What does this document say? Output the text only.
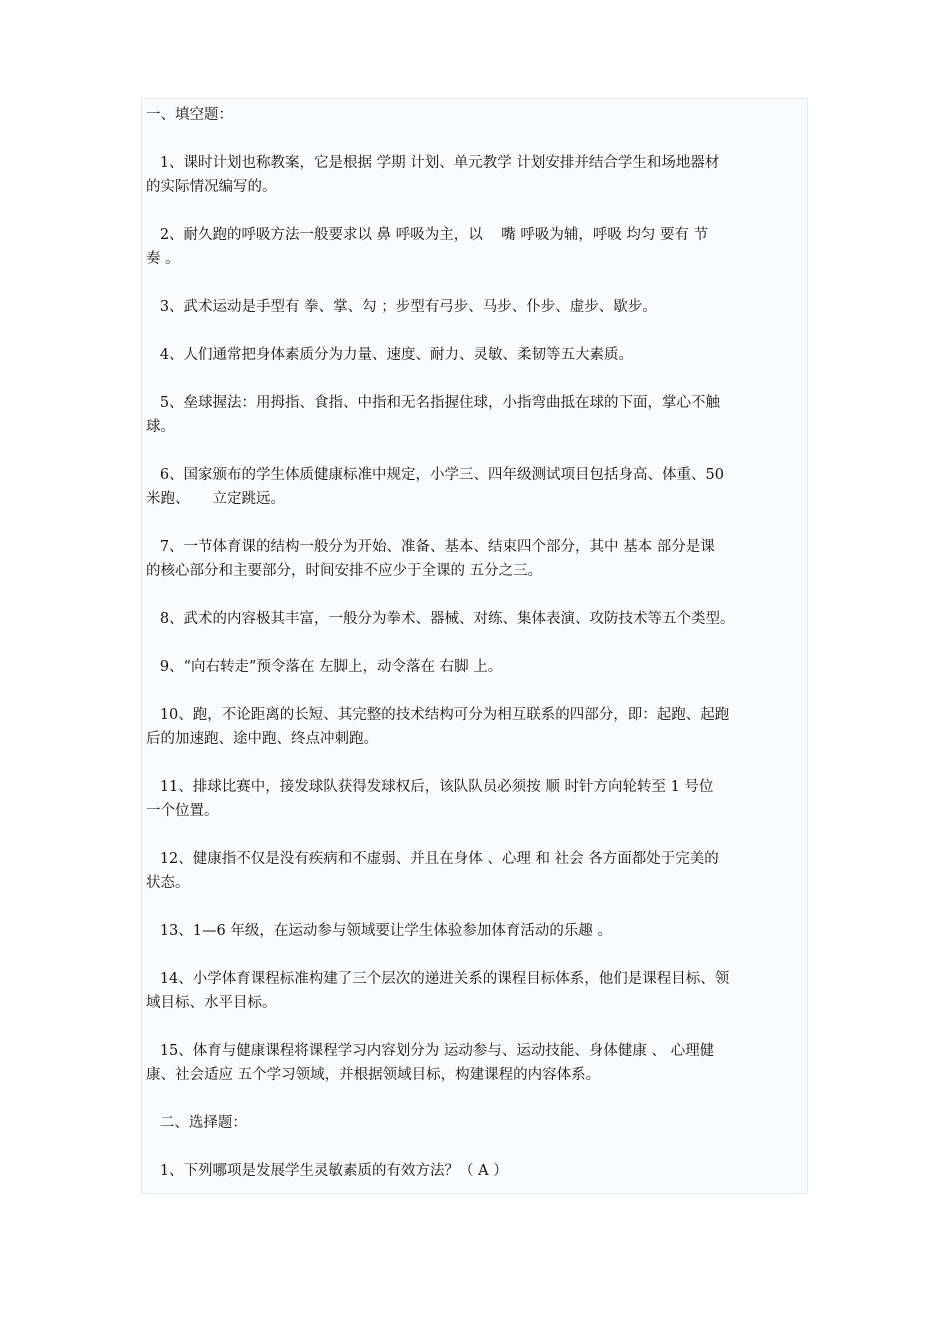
一、填空题：
1、课时计划也称教案，它是根据 学期 计划、单元教学 计划安排并结合学生和场地器材
的实际情况编写的。
2、耐久跑的呼吸方法一般要求以 鼻 呼吸为主，以    嘴 呼吸为辅，呼吸 均匀 要有 节
奏 。
3、武术运动是手型有 拳、掌、勾 ；步型有弓步、马步、仆步、虚步、歇步。
4、人们通常把身体素质分为力量、速度、耐力、灵敏、柔韧等五大素质。
5、垒球握法：用拇指、食指、中指和无名指握住球，小指弯曲抵在球的下面，掌心不触
球。
6、国家颁布的学生体质健康标准中规定，小学三、四年级测试项目包括身高、体重、50
米跑、     立定跳远。
7、一节体育课的结构一般分为开始、准备、基本、结束四个部分，其中 基本 部分是课
的核心部分和主要部分，时间安排不应少于全课的 五分之三。
8、武术的内容极其丰富，一般分为拳术、器械、对练、集体表演、攻防技术等五个类型。
9、“向右转走”预令落在 左脚上，动令落在 右脚 上。
10、跑，不论距离的长短、其完整的技术结构可分为相互联系的四部分，即：起跑、起跑
后的加速跑、途中跑、终点冲刺跑。
11、排球比赛中，接发球队获得发球权后，该队队员必须按 顺 时针方向轮转至 1 号位
一个位置。
12、健康指不仅是没有疾病和不虚弱、并且在身体 、心理 和 社会 各方面都处于完美的
状态。
13、1—6 年级，在运动参与领域要让学生体验参加体育活动的乐趣 。
14、小学体育课程标准构建了三个层次的递进关系的课程目标体系，他们是课程目标、领
域目标、水平目标。
15、体育与健康课程将课程学习内容划分为 运动参与、运动技能、身体健康 、 心理健
康、社会适应 五个学习领域，并根据领域目标，构建课程的内容体系。
二、选择题：
1、下列哪项是发展学生灵敏素质的有效方法？（ A ）
